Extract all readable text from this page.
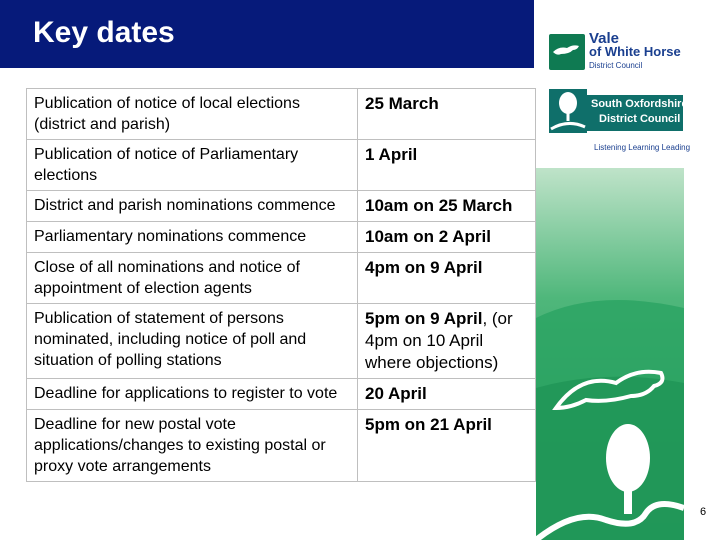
Key dates	Vale
of White Horse
District Council
South Oxfordshire
District Council
Listening Learning Leading
Publication of notice of local elections (district and parish)	25 March
Publication of notice of Parliamentary elections	1 April
District and parish nominations commence	10am on 25 March
Parliamentary nominations commence	10am on 2 April
Close of all nominations and notice of appointment of election agents	4pm on 9 April
Publication of statement of persons nominated, including notice of poll and situation of polling stations	5pm on 9 April, (or 4pm on 10 April where objections)
Deadline for applications to register to vote	20 April
Deadline for new postal vote applications/changes to existing postal or proxy vote arrangements	5pm on 21 April
6
